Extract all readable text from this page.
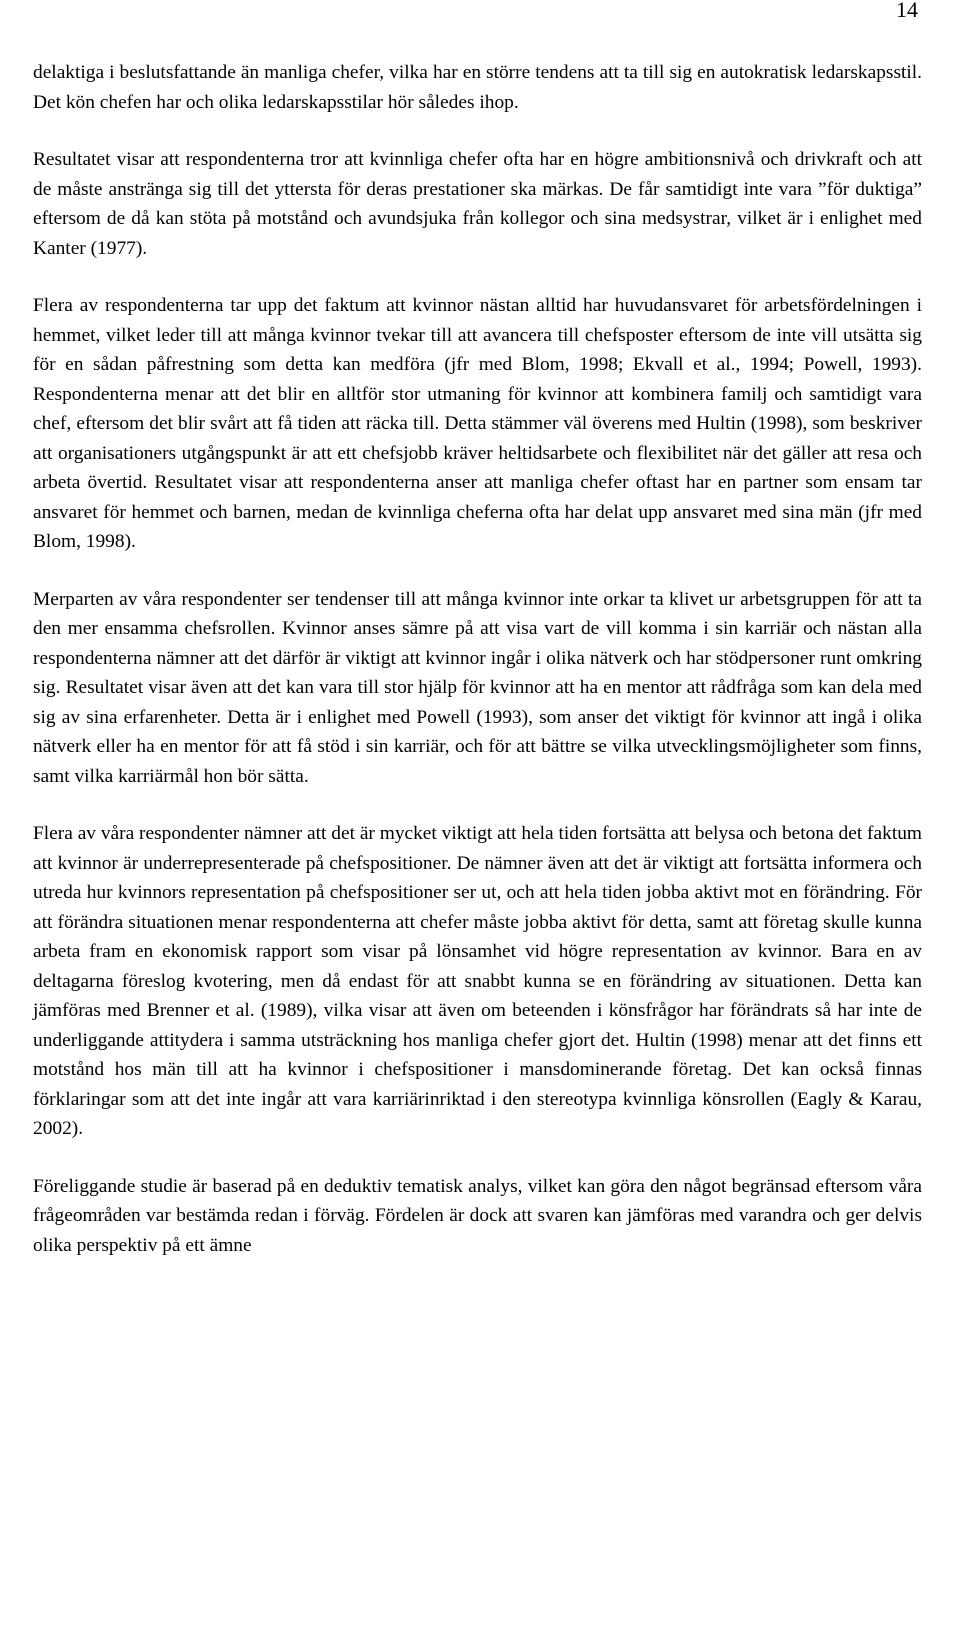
14

delaktiga i beslutsfattande än manliga chefer, vilka har en större tendens att ta till sig en autokratisk ledarskapsstil. Det kön chefen har och olika ledarskapsstilar hör således ihop.

Resultatet visar att respondenterna tror att kvinnliga chefer ofta har en högre ambitionsnivå och drivkraft och att de måste anstränga sig till det yttersta för deras prestationer ska märkas. De får samtidigt inte vara ”för duktiga” eftersom de då kan stöta på motstånd och avundsjuka från kollegor och sina medsystrar, vilket är i enlighet med Kanter (1977).

Flera av respondenterna tar upp det faktum att kvinnor nästan alltid har huvudansvaret för arbetsfördelningen i hemmet, vilket leder till att många kvinnor tvekar till att avancera till chefsposter eftersom de inte vill utsätta sig för en sådan påfrestning som detta kan medföra (jfr med Blom, 1998; Ekvall et al., 1994; Powell, 1993). Respondenterna menar att det blir en alltför stor utmaning för kvinnor att kombinera familj och samtidigt vara chef, eftersom det blir svårt att få tiden att räcka till. Detta stämmer väl överens med Hultin (1998), som beskriver att organisationers utgångspunkt är att ett chefsjobb kräver heltidsarbete och flexibilitet när det gäller att resa och arbeta övertid. Resultatet visar att respondenterna anser att manliga chefer oftast har en partner som ensam tar ansvaret för hemmet och barnen, medan de kvinnliga cheferna ofta har delat upp ansvaret med sina män (jfr med Blom, 1998).

Merparten av våra respondenter ser tendenser till att många kvinnor inte orkar ta klivet ur arbetsgruppen för att ta den mer ensamma chefsrollen. Kvinnor anses sämre på att visa vart de vill komma i sin karriär och nästan alla respondenterna nämner att det därför är viktigt att kvinnor ingår i olika nätverk och har stödpersoner runt omkring sig. Resultatet visar även att det kan vara till stor hjälp för kvinnor att ha en mentor att rådfråga som kan dela med sig av sina erfarenheter. Detta är i enlighet med Powell (1993), som anser det viktigt för kvinnor att ingå i olika nätverk eller ha en mentor för att få stöd i sin karriär, och för att bättre se vilka utvecklingsmöjligheter som finns, samt vilka karriärmål hon bör sätta.

Flera av våra respondenter nämner att det är mycket viktigt att hela tiden fortsätta att belysa och betona det faktum att kvinnor är underrepresenterade på chefspositioner. De nämner även att det är viktigt att fortsätta informera och utreda hur kvinnors representation på chefspositioner ser ut, och att hela tiden jobba aktivt mot en förändring. För att förändra situationen menar respondenterna att chefer måste jobba aktivt för detta, samt att företag skulle kunna arbeta fram en ekonomisk rapport som visar på lönsamhet vid högre representation av kvinnor. Bara en av deltagarna föreslog kvotering, men då endast för att snabbt kunna se en förändring av situationen. Detta kan jämföras med Brenner et al. (1989), vilka visar att även om beteenden i könsfrågor har förändrats så har inte de underliggande attitydera i samma utsträckning hos manliga chefer gjort det. Hultin (1998) menar att det finns ett motstånd hos män till att ha kvinnor i chefspositioner i mansdominerande företag. Det kan också finnas förklaringar som att det inte ingår att vara karriärinriktad i den stereotypa kvinnliga könsrollen (Eagly & Karau, 2002).

Föreliggande studie är baserad på en deduktiv tematisk analys, vilket kan göra den något begränsad eftersom våra frågeområden var bestämda redan i förväg. Fördelen är dock att svaren kan jämföras med varandra och ger delvis olika perspektiv på ett ämne
